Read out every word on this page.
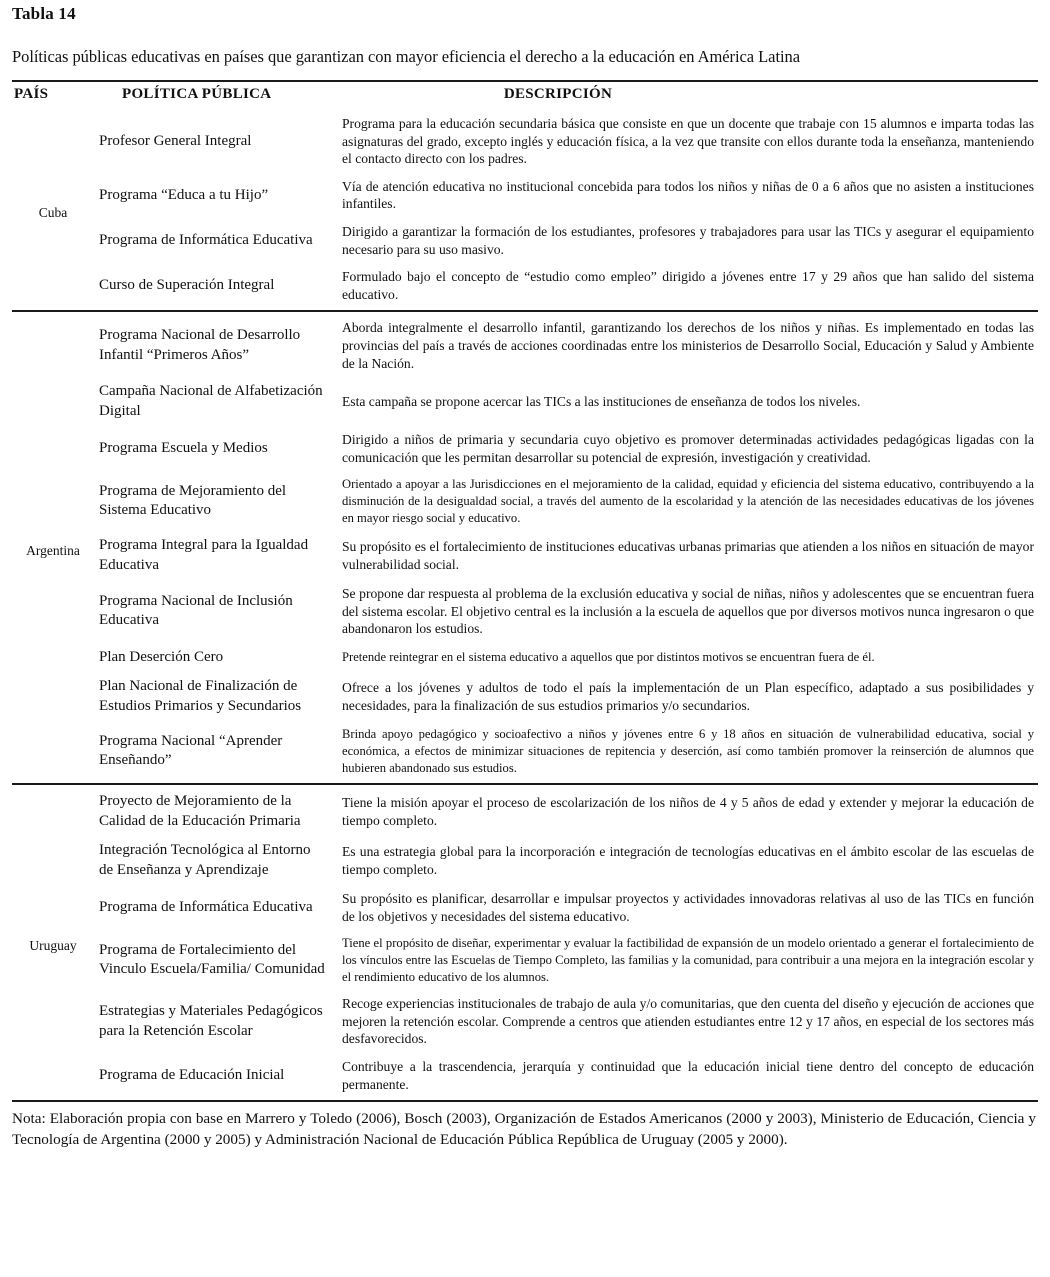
Tabla 14
Políticas públicas educativas en países que garantizan con mayor eficiencia el derecho a la educación en América Latina
PAÍS	POLÍTICA PÚBLICA	DESCRIPCIÓN
Cuba	Profesor General Integral	Programa para la educación secundaria básica que consiste en que un docente que trabaje con 15 alumnos e imparta todas las asignaturas del grado, excepto inglés y educación física, a la vez que transite con ellos durante toda la enseñanza, manteniendo el contacto directo con los padres.
	Programa “Educa a tu Hijo”	Vía de atención educativa no institucional concebida para todos los niños y niñas de 0 a 6 años que no asisten a instituciones infantiles.
	Programa de Informática Educativa	Dirigido a garantizar la formación de los estudiantes, profesores y trabajadores para usar las TICs y asegurar el equipamiento necesario para su uso masivo.
	Curso de Superación Integral	Formulado bajo el concepto de “estudio como empleo” dirigido a jóvenes entre 17 y 29 años que han salido del sistema educativo.

Argentina	Programa Nacional de Desarrollo Infantil “Primeros Años”	Aborda integralmente el desarrollo infantil, garantizando los derechos de los niños y niñas. Es implementado en todas las provincias del país a través de acciones coordinadas entre los ministerios de Desarrollo Social, Educación y Salud y Ambiente de la Nación.
	Campaña Nacional de Alfabetización Digital	Esta campaña se propone acercar las TICs a las instituciones de enseñanza de todos los niveles.
	Programa Escuela y Medios	Dirigido a niños de primaria y secundaria cuyo objetivo es promover determinadas actividades pedagógicas ligadas con la comunicación que les permitan desarrollar su potencial de expresión, investigación y creatividad.
	Programa de Mejoramiento del Sistema Educativo	Orientado a apoyar a las Jurisdicciones en el mejoramiento de la calidad, equidad y eficiencia del sistema educativo, contribuyendo a la disminución de la desigualdad social, a través del aumento de la escolaridad y la atención de las necesidades educativas de los jóvenes en mayor riesgo social y educativo.
	Programa Integral para la Igualdad Educativa	Su propósito es el fortalecimiento de instituciones educativas urbanas primarias que atienden a los niños en situación de mayor vulnerabilidad social.
	Programa Nacional de Inclusión Educativa	Se propone dar respuesta al problema de la exclusión educativa y social de niñas, niños y adolescentes que se encuentran fuera del sistema escolar. El objetivo central es la inclusión a la escuela de aquellos que por diversos motivos nunca ingresaron o que abandonaron los estudios.
	Plan Deserción Cero	Pretende reintegrar en el sistema educativo a aquellos que por distintos motivos se encuentran fuera de él.
	Plan Nacional de Finalización de Estudios Primarios y Secundarios	Ofrece a los jóvenes y adultos de todo el país la implementación de un Plan específico, adaptado a sus posibilidades y necesidades, para la finalización de sus estudios primarios y/o secundarios.
	Programa Nacional “Aprender Enseñando”	Brinda apoyo pedagógico y socioafectivo a niños y jóvenes entre 6 y 18 años en situación de vulnerabilidad educativa, social y económica, a efectos de minimizar situaciones de repitencia y deserción, así como también promover la reinserción de alumnos que hubieren abandonado sus estudios.

Uruguay	Proyecto de Mejoramiento de la Calidad de la Educación Primaria	Tiene la misión apoyar el proceso de escolarización de los niños de 4 y 5 años de edad y extender y mejorar la educación de tiempo completo.
	Integración Tecnológica al Entorno de Enseñanza y Aprendizaje	Es una estrategia global para la incorporación e integración de tecnologías educativas en el ámbito escolar de las escuelas de tiempo completo.
	Programa de Informática Educativa	Su propósito es planificar, desarrollar e impulsar proyectos y actividades innovadoras relativas al uso de las TICs en función de los objetivos y necesidades del sistema educativo.
	Programa de Fortalecimiento del Vinculo Escuela/Familia/ Comunidad	Tiene el propósito de diseñar, experimentar y evaluar la factibilidad de expansión de un modelo orientado a generar el fortalecimiento de los vínculos entre las Escuelas de Tiempo Completo, las familias y la comunidad, para contribuir a una mejora en la integración escolar y el rendimiento educativo de los alumnos.
	Estrategias y Materiales Pedagógicos para la Retención Escolar	Recoge experiencias institucionales de trabajo de aula y/o comunitarias, que den cuenta del diseño y ejecución de acciones que mejoren la retención escolar. Comprende a centros que atienden estudiantes entre 12 y 17 años, en especial de los sectores más desfavorecidos.
	Programa de Educación Inicial	Contribuye a la trascendencia, jerarquía y continuidad que la educación inicial tiene dentro del concepto de educación permanente.
Nota: Elaboración propia con base en Marrero y Toledo (2006), Bosch (2003), Organización de Estados Americanos (2000 y 2003), Ministerio de Educación, Ciencia y Tecnología de Argentina (2000 y 2005) y Administración Nacional de Educación Pública República de Uruguay (2005 y 2000).
